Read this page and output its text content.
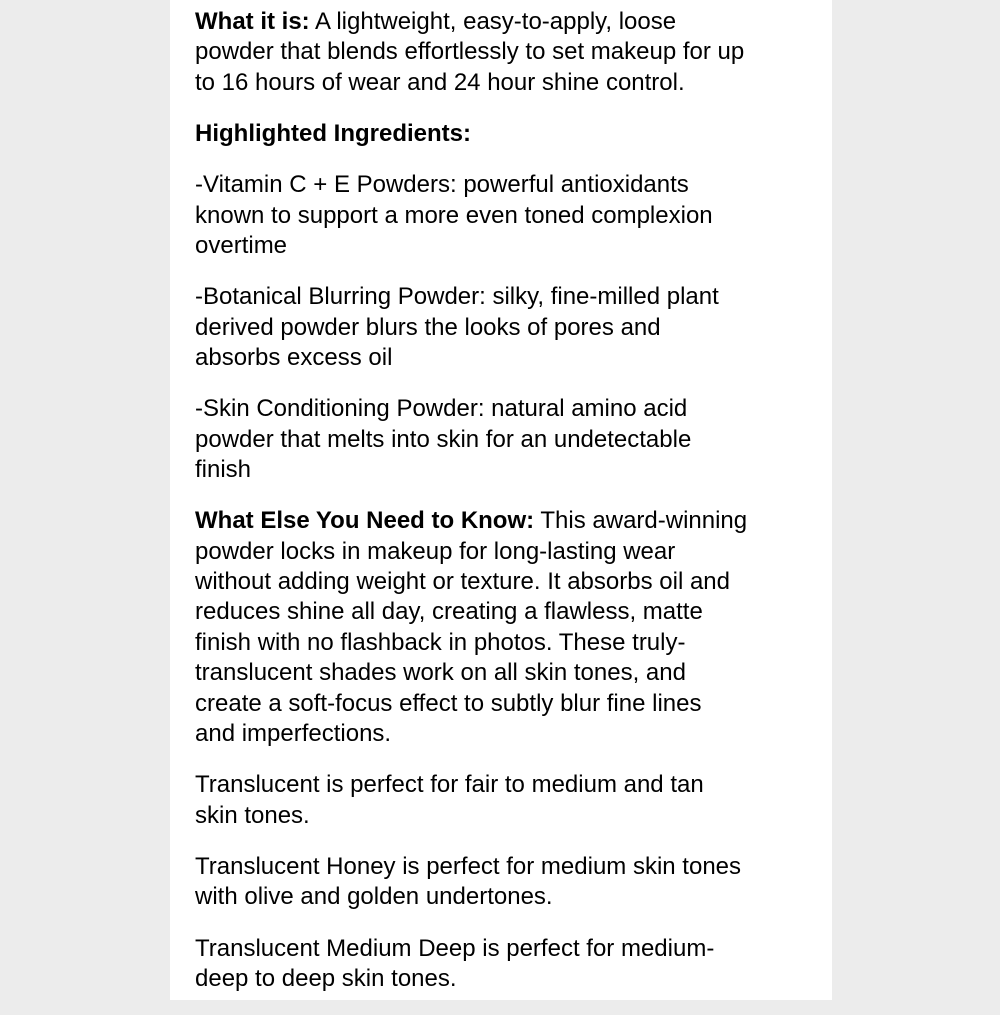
What it is: A lightweight, easy-to-apply, loose
powder that blends effortlessly to set makeup for up
to 16 hours of wear and 24 hour shine control.

Highlighted Ingredients:

-Vitamin C + E Powders: powerful antioxidants
known to support a more even toned complexion
overtime

-Botanical Blurring Powder: silky, fine-milled plant
derived powder blurs the looks of pores and
absorbs excess oil

-Skin Conditioning Powder: natural amino acid
powder that melts into skin for an undetectable
finish

What Else You Need to Know: This award-winning
powder locks in makeup for long-lasting wear
without adding weight or texture. It absorbs oil and
reduces shine all day, creating a flawless, matte
finish with no flashback in photos. These truly-
translucent shades work on all skin tones, and
create a soft-focus effect to subtly blur fine lines
and imperfections.

Translucent is perfect for fair to medium and tan
skin tones.

Translucent Honey is perfect for medium skin tones
with olive and golden undertones.

Translucent Medium Deep is perfect for medium-
deep to deep skin tones.
